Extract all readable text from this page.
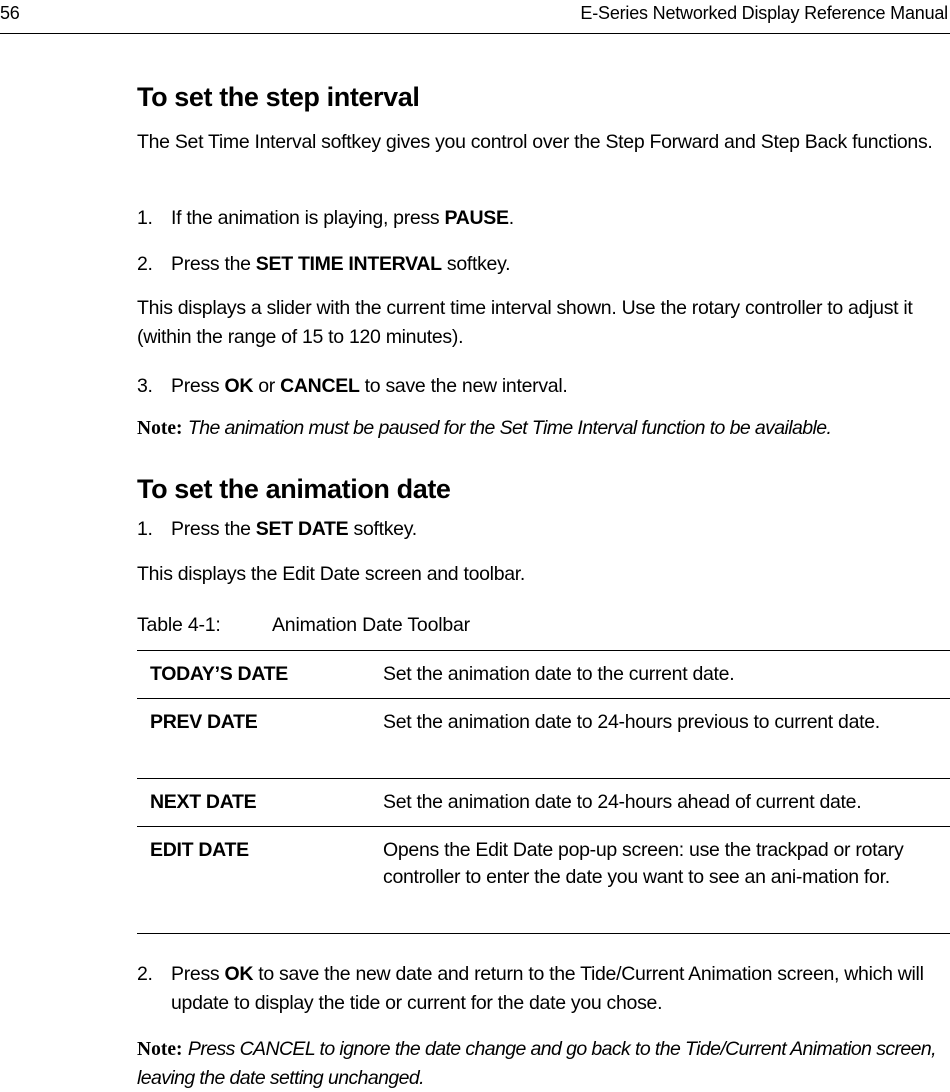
56	E-Series Networked Display Reference Manual
To set the step interval
The Set Time Interval softkey gives you control over the Step Forward and Step Back functions.
1. If the animation is playing, press PAUSE.
2. Press the SET TIME INTERVAL softkey.
This displays a slider with the current time interval shown. Use the rotary controller to adjust it (within the range of 15 to 120 minutes).
3. Press OK or CANCEL to save the new interval.
Note: The animation must be paused for the Set Time Interval function to be available.
To set the animation date
1. Press the SET DATE softkey.
This displays the Edit Date screen and toolbar.
Table 4-1:	Animation Date Toolbar
TODAY’S DATE	Set the animation date to the current date.
PREV DATE	Set the animation date to 24-hours previous to current date.
NEXT DATE	Set the animation date to 24-hours ahead of current date.
EDIT DATE	Opens the Edit Date pop-up screen: use the trackpad or rotary controller to enter the date you want to see an ani-mation for.
2. Press OK to save the new date and return to the Tide/Current Animation screen, which will update to display the tide or current for the date you chose.
Note: Press CANCEL to ignore the date change and go back to the Tide/Current Animation screen, leaving the date setting unchanged.
